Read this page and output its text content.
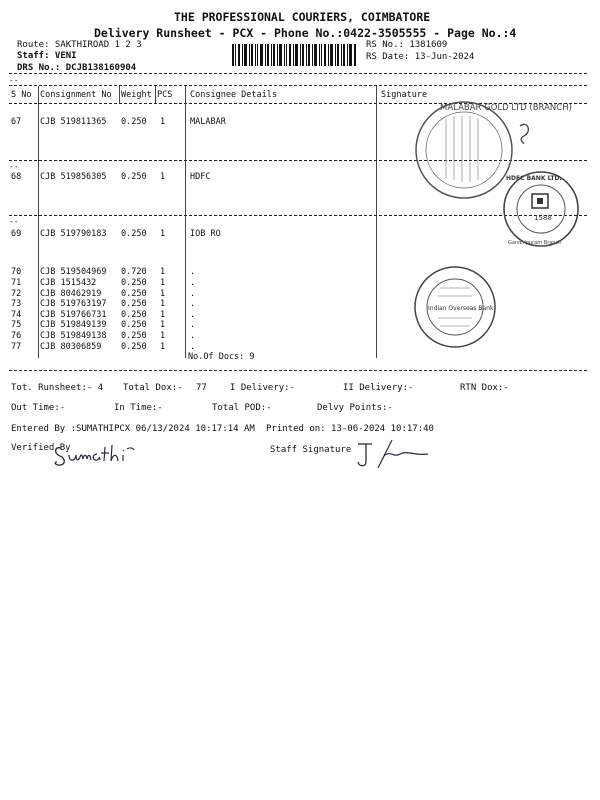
THE PROFESSIONAL COURIERS, COIMBATORE
Delivery Runsheet - PCX - Phone No.:0422-3505555 - Page No.:4
Route: SAKTHIROAD 1 2 3
Staff: VENI
DRS No.: DCJB138160904
RS No.: 1381609
RS Date: 13-Jun-2024
--
S No Consignment No Weight PCS Consignee Details	Signature
67 CJB 519811365 0.250 1	MALABAR
--
68 CJB 519856305 0.250 1	HDFC
--
69 CJB 519790183 0.250 1	IOB RO
70 CJB 519504969 0.720 1	.
71 CJB 1515432	0.250 1	.
72 CJB 80462919 0.250 1	.
73 CJB 519763197 0.250 1	.
74 CJB 519766731 0.250 1	.
75 CJB 519849139 0.250 1	.
76 CJB 519849138 0.250 1	.
77 CJB 80306859 0.250 1	.
No.Of Docs: 9
Tot. Runsheet:- 4 Total Dox:- 77	I Delivery:-	II Delivery:-	RTN Dox:-
Out Time:-	In Time:-	Total POD:-	Delvy Points:-
Entered By :SUMATHIPCX 06/13/2024 10:17:14 AM Printed on: 13-06-2024 10:17:40
Verified By	Staff Signature
MALABAR GOLD LTD (BRANCH)
1588
HDFC BANK LTD.
Gandhipuram Branch
Indian Overseas Bank
